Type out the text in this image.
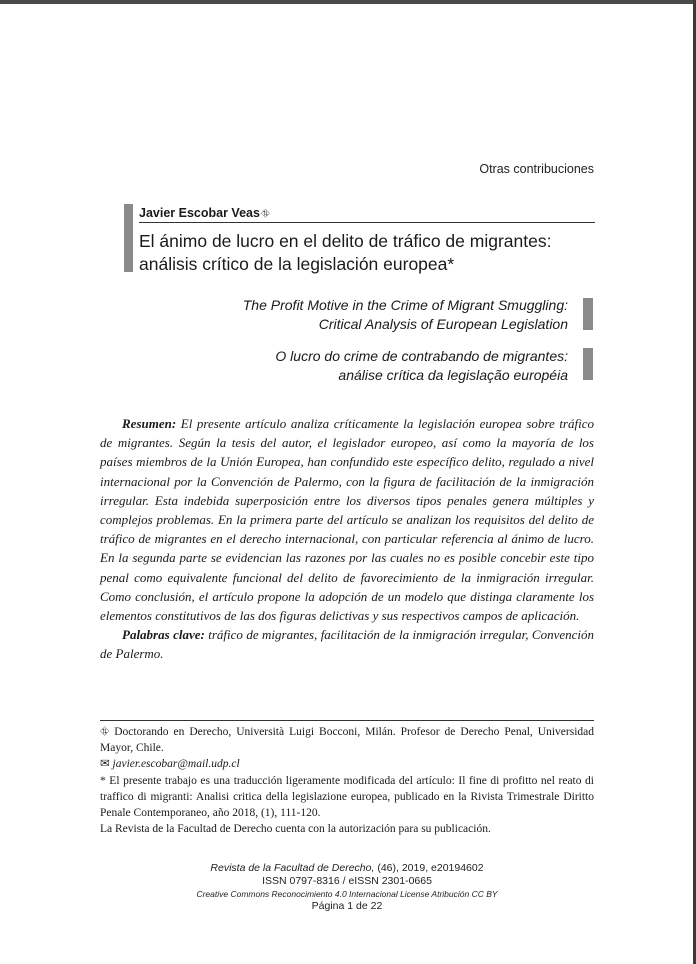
Otras contribuciones
Javier Escobar Veas⛗
El ánimo de lucro en el delito de tráfico de migrantes:
análisis crítico de la legislación europea*
The Profit Motive in the Crime of Migrant Smuggling:
Critical Analysis of European Legislation
O lucro do crime de contrabando de migrantes:
análise crítica da legislação européia

Resumen: El presente artículo analiza críticamente la legislación europea sobre tráfico de migrantes. Según la tesis del autor, el legislador europeo, así como la mayoría de los países miembros de la Unión Europea, han confundido este específico delito, regulado a nivel internacional por la Convención de Palermo, con la figura de facilitación de la inmigración irregular. Esta indebida superposición entre los diversos tipos penales genera múltiples y complejos problemas. En la primera parte del artículo se analizan los requisitos del delito de tráfico de migrantes en el derecho internacional, con particular referencia al ánimo de lucro. En la segunda parte se evidencian las razones por las cuales no es posible concebir este tipo penal como equivalente funcional del delito de favorecimiento de la inmigración irregular. Como conclusión, el artículo propone la adopción de un modelo que distinga claramente los elementos constitutivos de las dos figuras delictivas y sus respectivos campos de aplicación.

Palabras clave: tráfico de migrantes, facilitación de la inmigración irregular, Convención de Palermo.

⛗ Doctorando en Derecho, Università Luigi Bocconi, Milán. Profesor de Derecho Penal, Universidad Mayor, Chile.
✉ javier.escobar@mail.udp.cl
* El presente trabajo es una traducción ligeramente modificada del artículo: Il fine di profitto nel reato di traffico di migranti: Analisi critica della legislazione europea, publicado en la Rivista Trimestrale Diritto Penale Contemporaneo, año 2018, (1), 111-120.
La Revista de la Facultad de Derecho cuenta con la autorización para su publicación.
Revista de la Facultad de Derecho, (46), 2019, e20194602
ISSN 0797-8316 / eISSN 2301-0665
Creative Commons Reconocimiento 4.0 Internacional License Atribución CC BY
Página 1 de 22
